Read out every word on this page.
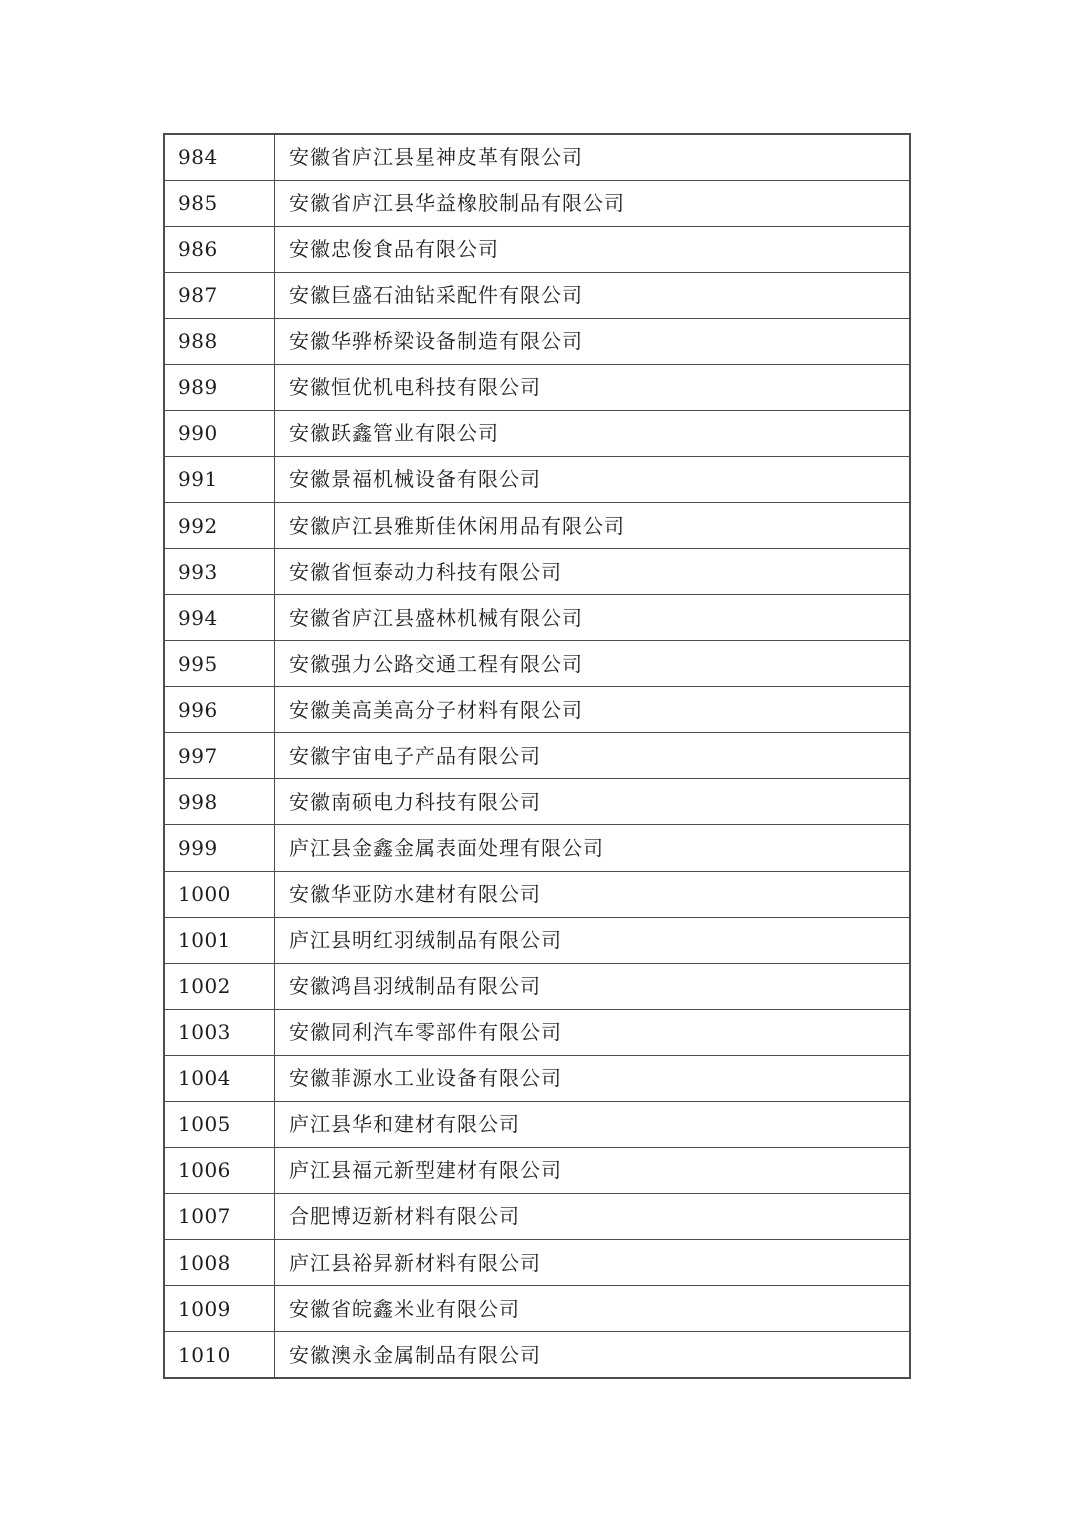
984	安徽省庐江县星神皮革有限公司
985	安徽省庐江县华益橡胶制品有限公司
986	安徽忠俊食品有限公司
987	安徽巨盛石油钻采配件有限公司
988	安徽华骅桥梁设备制造有限公司
989	安徽恒优机电科技有限公司
990	安徽跃鑫管业有限公司
991	安徽景福机械设备有限公司
992	安徽庐江县雅斯佳休闲用品有限公司
993	安徽省恒泰动力科技有限公司
994	安徽省庐江县盛林机械有限公司
995	安徽强力公路交通工程有限公司
996	安徽美高美高分子材料有限公司
997	安徽宇宙电子产品有限公司
998	安徽南硕电力科技有限公司
999	庐江县金鑫金属表面处理有限公司
1000	安徽华亚防水建材有限公司
1001	庐江县明红羽绒制品有限公司
1002	安徽鸿昌羽绒制品有限公司
1003	安徽同利汽车零部件有限公司
1004	安徽菲源水工业设备有限公司
1005	庐江县华和建材有限公司
1006	庐江县福元新型建材有限公司
1007	合肥博迈新材料有限公司
1008	庐江县裕昇新材料有限公司
1009	安徽省皖鑫米业有限公司
1010	安徽澳永金属制品有限公司
